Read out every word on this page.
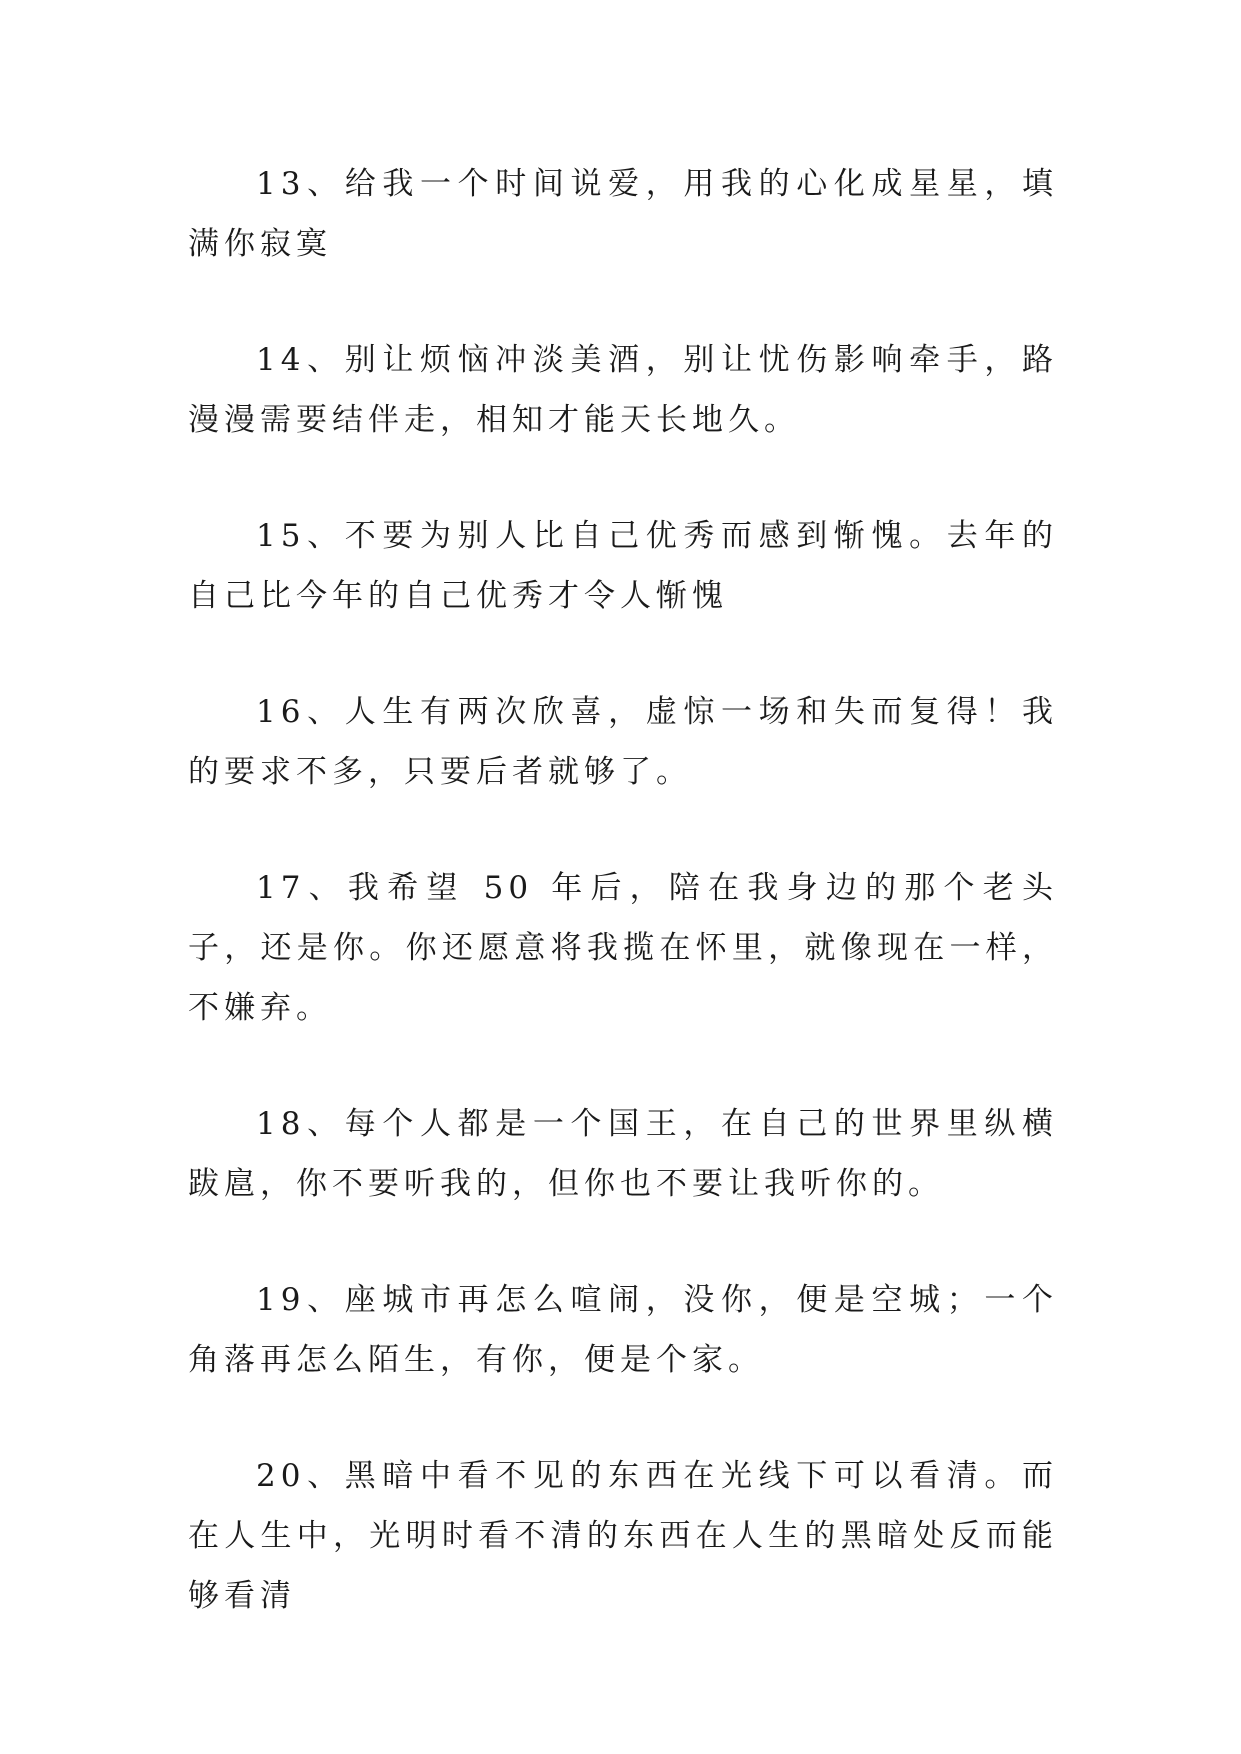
13、给我一个时间说爱，用我的心化成星星，填满你寂寞

14、别让烦恼冲淡美酒，别让忧伤影响牵手，路漫漫需要结伴走，相知才能天长地久。

15、不要为别人比自己优秀而感到惭愧。去年的自己比今年的自己优秀才令人惭愧

16、人生有两次欣喜，虚惊一场和失而复得！我的要求不多，只要后者就够了。

17、我希望 50 年后，陪在我身边的那个老头子，还是你。你还愿意将我揽在怀里，就像现在一样，不嫌弃。

18、每个人都是一个国王，在自己的世界里纵横跋扈，你不要听我的，但你也不要让我听你的。

19、座城市再怎么喧闹，没你，便是空城；一个角落再怎么陌生，有你，便是个家。

20、黑暗中看不见的东西在光线下可以看清。而在人生中，光明时看不清的东西在人生的黑暗处反而能够看清
